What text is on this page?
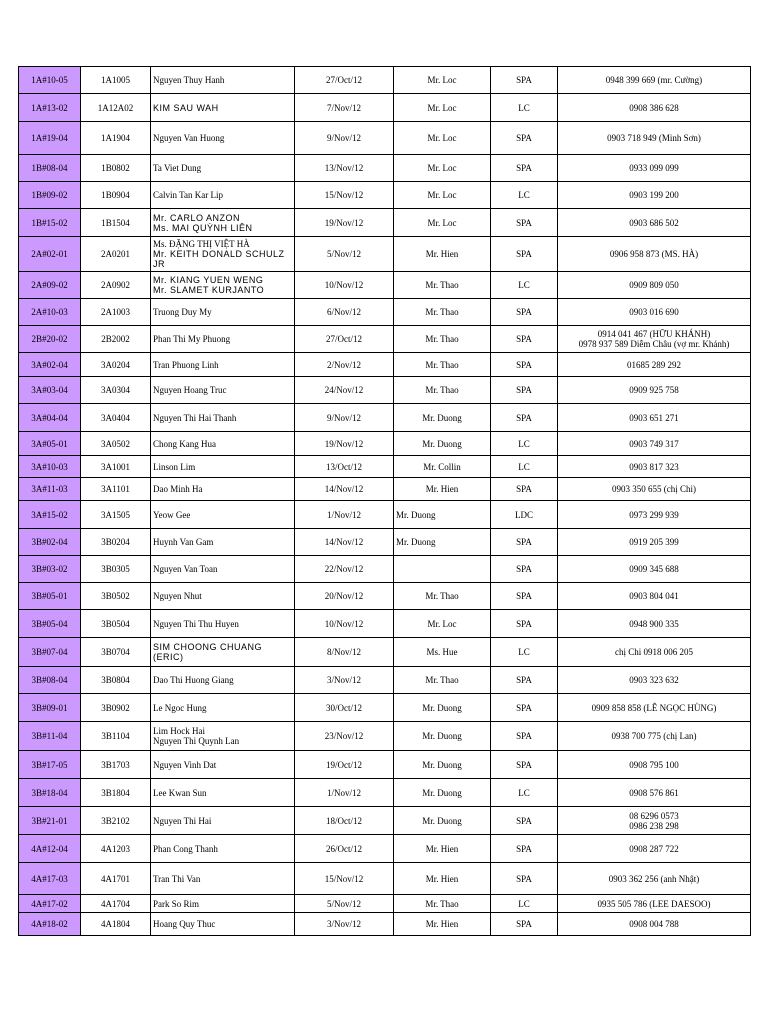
1A#10-05	1A1005	Nguyen Thuy Hanh	27/Oct/12	Mr. Loc	SPA	0948 399 669 (mr. Cường)

1A#13-02	1A12A02	KIM SAU WAH	7/Nov/12	Mr. Loc	LC	0908 386 628

1A#19-04	1A1904	Nguyen Van Huong	9/Nov/12	Mr. Loc	SPA	0903 718 949 (Minh Sơn)

1B#08-04	1B0802	Ta Viet Dung	13/Nov/12	Mr. Loc	SPA	0933 099 099

1B#09-02	1B0904	Calvin Tan Kar Lip	15/Nov/12	Mr. Loc	LC	0903 199 200

1B#15-02	1B1504	Mr. CARLO ANZON
Ms. MAI QUỲNH LIÊN	19/Nov/12	Mr. Loc	SPA	0903 686 502

2A#02-01	2A0201	Ms. ĐẶNG THỊ VIỆT HÀ
Mr. KEITH DONALD SCHULZ
JR	5/Nov/12	Mr. Hien	SPA	0906 958 873 (MS. HÀ)

2A#09-02	2A0902	Mr. KIANG YUEN WENG
Mr. SLAMET KURJANTO	10/Nov/12	Mr. Thao	LC	0909 809 050

2A#10-03	2A1003	Truong Duy My	6/Nov/12	Mr. Thao	SPA	0903 016 690

2B#20-02	2B2002	Phan Thi My Phuong	27/Oct/12	Mr. Thao	SPA	0914 041 467 (HỮU KHÁNH)
0978 937 589 Diễm Châu (vợ mr. Khánh)

3A#02-04	3A0204	Tran Phuong Linh	2/Nov/12	Mr. Thao	SPA	01685 289 292

3A#03-04	3A0304	Nguyen Hoang Truc	24/Nov/12	Mr. Thao	SPA	0909 925 758

3A#04-04	3A0404	Nguyen Thi Hai Thanh	9/Nov/12	Mr. Duong	SPA	0903 651 271

3A#05-01	3A0502	Chong Kang Hua	19/Nov/12	Mr. Duong	LC	0903 749 317

3A#10-03	3A1001	Linson Lim	13/Oct/12	Mr. Collin	LC	0903 817 323

3A#11-03	3A1101	Dao Minh Ha	14/Nov/12	Mr. Hien	SPA	0903 350 655 (chị Chi)

3A#15-02	3A1505	Yeow Gee	1/Nov/12	Mr. Duong	LDC	0973 299 939

3B#02-04	3B0204	Huynh Van Gam	14/Nov/12	Mr. Duong	SPA	0919 205 399

3B#03-02	3B0305	Nguyen Van Toan	22/Nov/12		SPA	0909 345 688

3B#05-01	3B0502	Nguyen Nhut	20/Nov/12	Mr. Thao	SPA	0903 804 041

3B#05-04	3B0504	Nguyen Thi Thu Huyen	10/Nov/12	Mr. Loc	SPA	0948 900 335

3B#07-04	3B0704	SIM CHOONG CHUANG
(ERIC)	8/Nov/12	Ms. Hue	LC	chị Chi 0918 006 205

3B#08-04	3B0804	Dao Thi Huong Giang	3/Nov/12	Mr. Thao	SPA	0903 323 632

3B#09-01	3B0902	Le Ngoc Hung	30/Oct/12	Mr. Duong	SPA	0909 858 858 (LÊ NGỌC HÙNG)

3B#11-04	3B1104	Lim Hock Hai
Nguyen Thi Quynh Lan	23/Nov/12	Mr. Duong	SPA	0938 700 775 (chị Lan)

3B#17-05	3B1703	Nguyen Vinh Dat	19/Oct/12	Mr. Duong	SPA	0908 795 100

3B#18-04	3B1804	Lee Kwan Sun	1/Nov/12	Mr. Duong	LC	0908 576 861

3B#21-01	3B2102	Nguyen Thi Hai	18/Oct/12	Mr. Duong	SPA	08 6296 0573
0986 238 298

4A#12-04	4A1203	Phan Cong Thanh	26/Oct/12	Mr. Hien	SPA	0908 287 722

4A#17-03	4A1701	Tran Thi Van	15/Nov/12	Mr. Hien	SPA	0903 362 256 (anh Nhật)

4A#17-02	4A1704	Park So Rim	5/Nov/12	Mr. Thao	LC	0935 505 786 (LEE DAESOO)

4A#18-02	4A1804	Hoang Quy Thuc	3/Nov/12	Mr. Hien	SPA	0908 004 788
